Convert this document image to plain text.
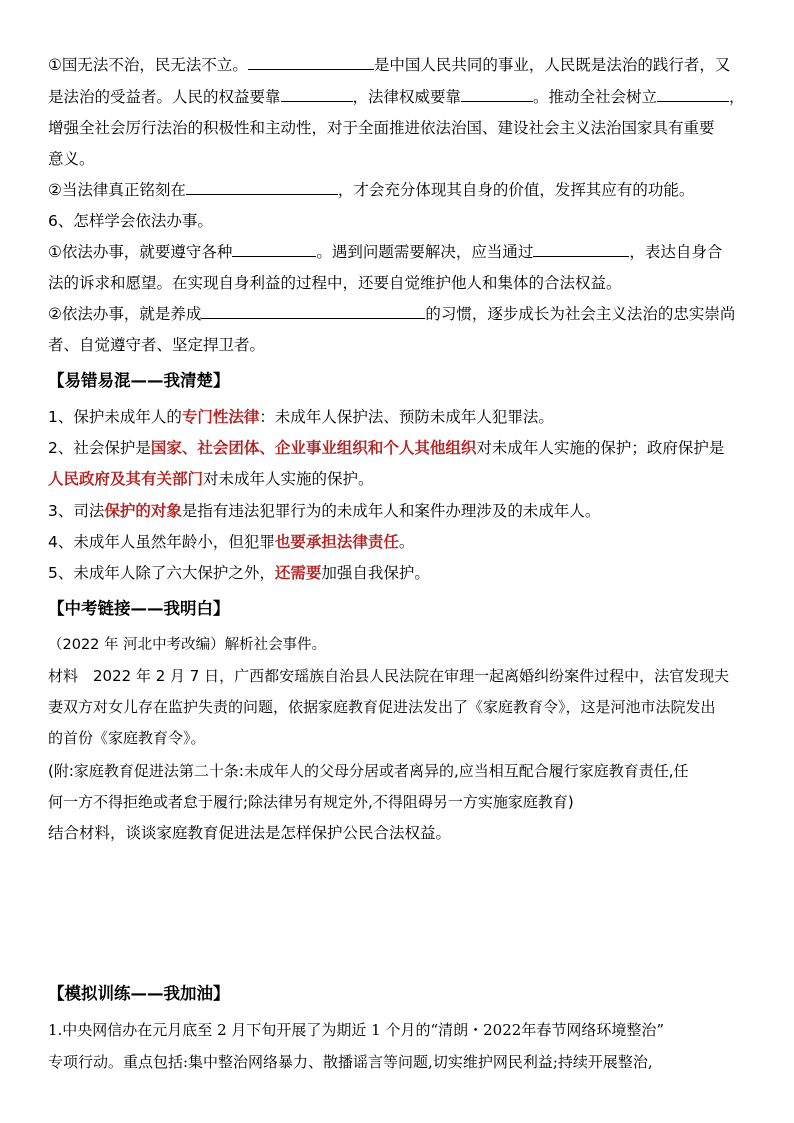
①国无法不治，民无法不立。	是中国人民共同的事业，人民既是法治的践行者，又
是法治的受益者。人民的权益要靠	，法律权威要靠	。推动全社会树立	，
增强全社会厉行法治的积极性和主动性，对于全面推进依法治国、建设社会主义法治国家具有重要
意义。
②当法律真正铭刻在	，才会充分体现其自身的价值，发挥其应有的功能。
6、怎样学会依法办事。
①依法办事，就要遵守各种	。遇到问题需要解决，应当通过	，表达自身合
法的诉求和愿望。在实现自身利益的过程中，还要自觉维护他人和集体的合法权益。
②依法办事，就是养成	的习惯，逐步成长为社会主义法治的忠实崇尚
者、自觉遵守者、坚定捍卫者。
【易错易混——我清楚】
1、保护未成年人的专门性法律：未成年人保护法、预防未成年人犯罪法。
2、社会保护是国家、社会团体、企业事业组织和个人其他组织对未成年人实施的保护；政府保护是
人民政府及其有关部门对未成年人实施的保护。
3、司法保护的对象是指有违法犯罪行为的未成年人和案件办理涉及的未成年人。
4、未成年人虽然年龄小，但犯罪也要承担法律责任。
5、未成年人除了六大保护之外，还需要加强自我保护。
【中考链接——我明白】
（2022 年 河北中考改编）解析社会事件。
材料　2022 年 2 月 7 日，广西都安瑶族自治县人民法院在审理一起离婚纠纷案件过程中，法官发现夫
妻双方对女儿存在监护失责的问题，依据家庭教育促进法发出了《家庭教育令》，这是河池市法院发出
的首份《家庭教育令》。
(附:家庭教育促进法第二十条:未成年人的父母分居或者离异的,应当相互配合履行家庭教育责任,任
何一方不得拒绝或者怠于履行;除法律另有规定外,不得阻碍另一方实施家庭教育)
结合材料，谈谈家庭教育促进法是怎样保护公民合法权益。
【模拟训练——我加油】
1.中央网信办在元月底至 2 月下旬开展了为期近 1 个月的“清朗・2022年春节网络环境整治”
专项行动。重点包括:集中整治网络暴力、散播谣言等问题,切实维护网民利益;持续开展整治,
